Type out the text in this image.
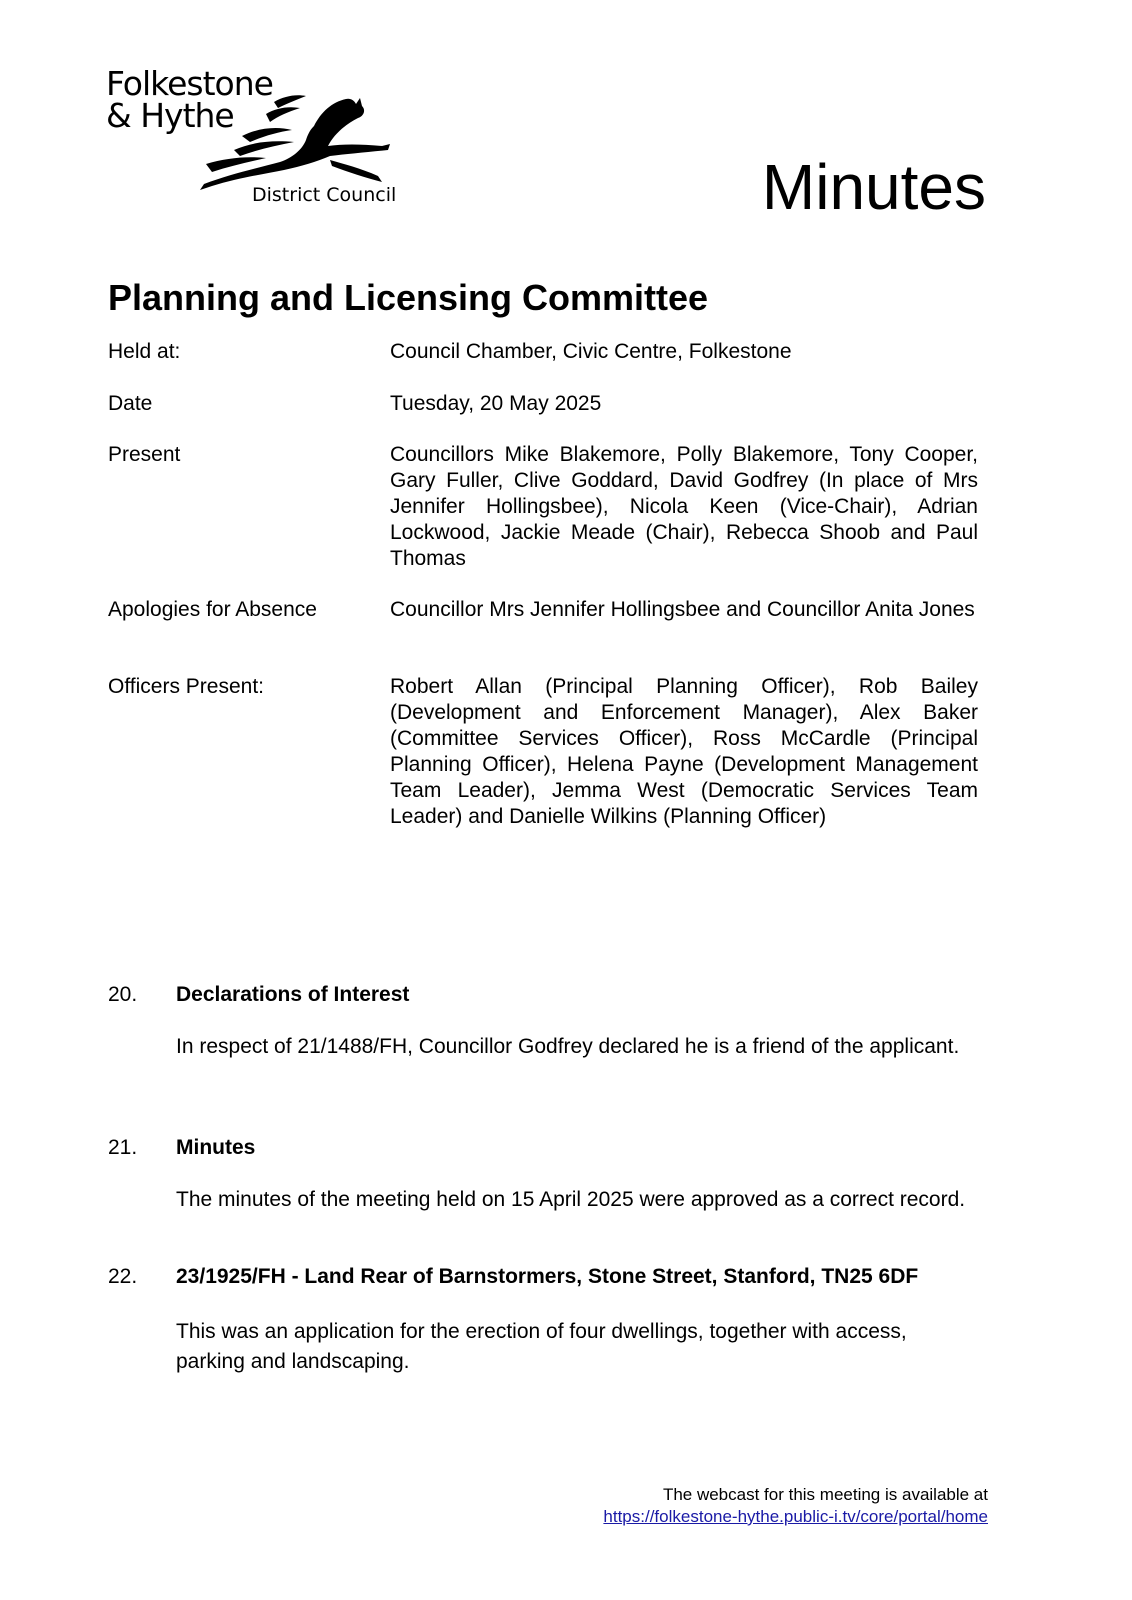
Folkestone
& Hythe
District Council	Minutes
Planning and Licensing Committee
Held at:	Council Chamber, Civic Centre, Folkestone
Date	Tuesday, 20 May 2025
Present	Councillors Mike Blakemore, Polly Blakemore, Tony Cooper, Gary Fuller, Clive Goddard, David Godfrey (In place of Mrs Jennifer Hollingsbee), Nicola Keen (Vice-Chair), Adrian Lockwood, Jackie Meade (Chair), Rebecca Shoob and Paul Thomas
Apologies for Absence	Councillor Mrs Jennifer Hollingsbee and Councillor Anita Jones
Officers Present:	Robert Allan (Principal Planning Officer), Rob Bailey (Development and Enforcement Manager), Alex Baker (Committee Services Officer), Ross McCardle (Principal Planning Officer), Helena Payne (Development Management Team Leader), Jemma West (Democratic Services Team Leader) and Danielle Wilkins (Planning Officer)
20. Declarations of Interest
In respect of 21/1488/FH, Councillor Godfrey declared he is a friend of the applicant.
21. Minutes
The minutes of the meeting held on 15 April 2025 were approved as a correct record.
22. 23/1925/FH - Land Rear of Barnstormers, Stone Street, Stanford, TN25 6DF
This was an application for the erection of four dwellings, together with access, parking and landscaping.
The webcast for this meeting is available at
https://folkestone-hythe.public-i.tv/core/portal/home
